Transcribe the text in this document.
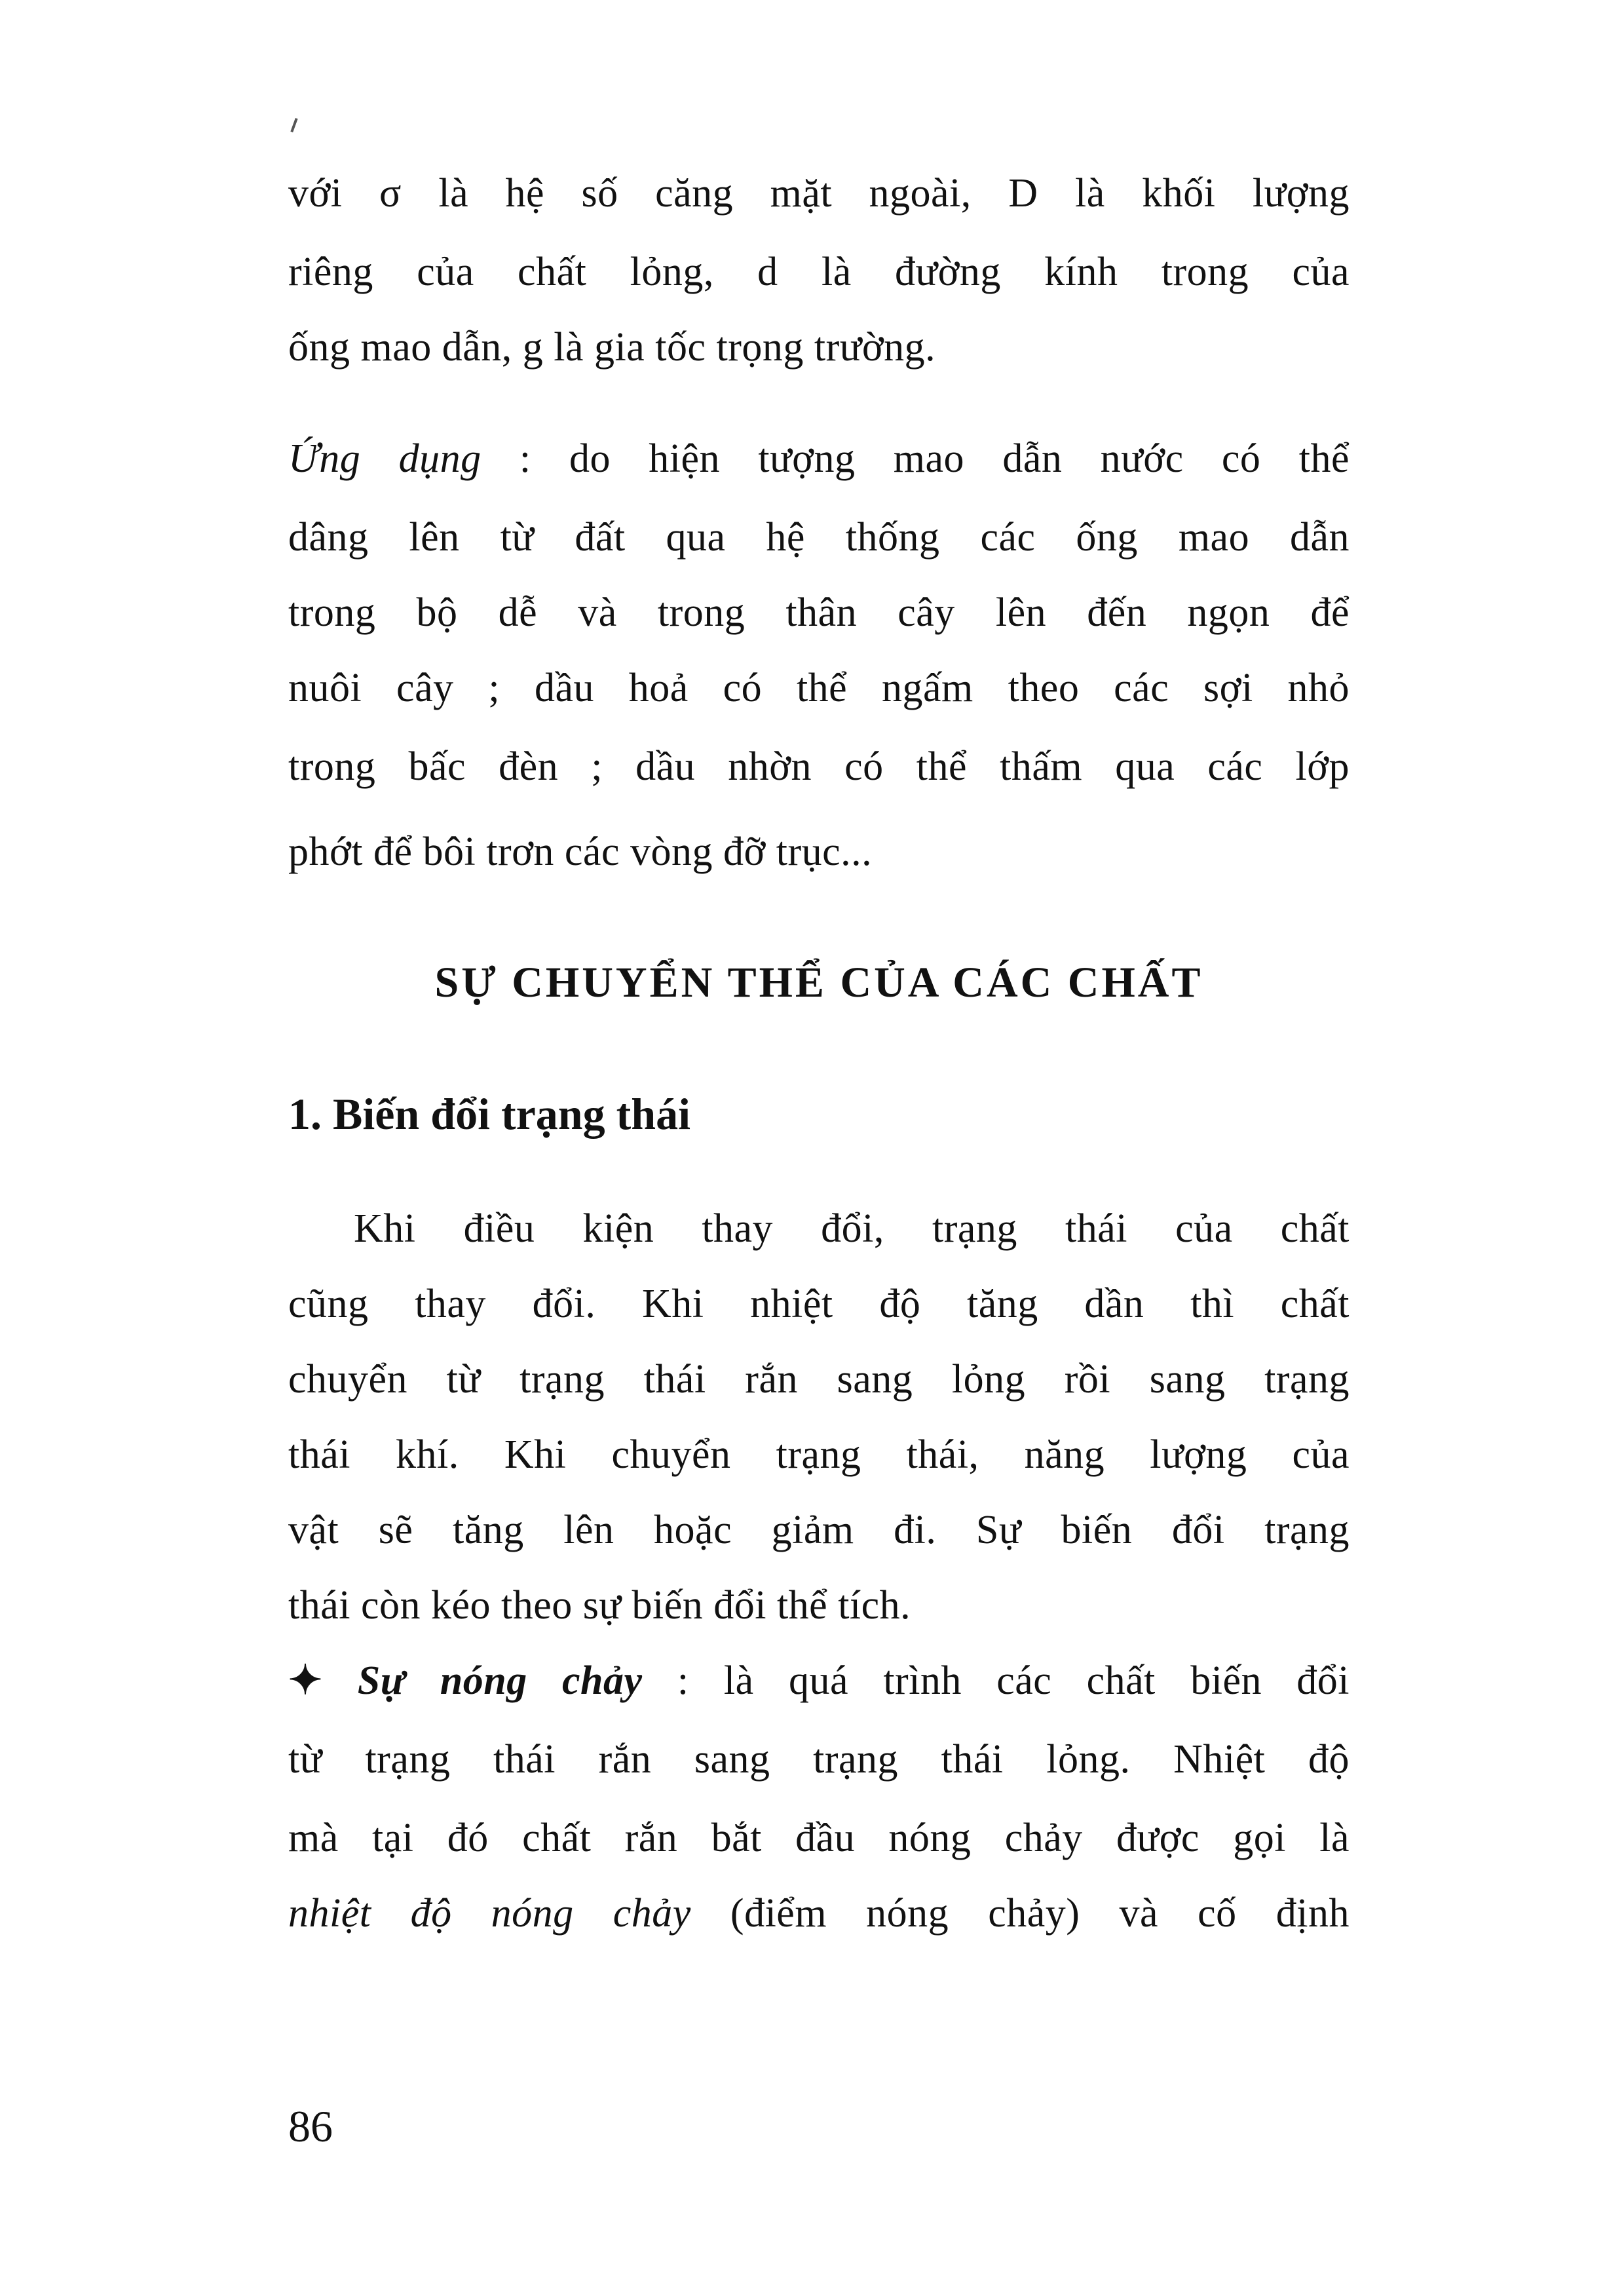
với σ là hệ số căng mặt ngoài, D là khối lượng
riêng của chất lỏng, d là đường kính trong của
ống mao dẫn, g là gia tốc trọng trường.
Ứng dụng : do hiện tượng mao dẫn nước có thể
dâng lên từ đất qua hệ thống các ống mao dẫn
trong bộ dễ và trong thân cây lên đến ngọn để
nuôi cây ; dầu hoả có thể ngấm theo các sợi nhỏ
trong bấc đèn ; dầu nhờn có thể thấm qua các lớp
phớt để bôi trơn các vòng đỡ trục...
SỰ CHUYỂN THỂ CỦA CÁC CHẤT
1. Biến đổi trạng thái
Khi điều kiện thay đổi, trạng thái của chất
cũng thay đổi. Khi nhiệt độ tăng dần thì chất
chuyển từ trạng thái rắn sang lỏng rồi sang trạng
thái khí. Khi chuyển trạng thái, năng lượng của
vật sẽ tăng lên hoặc giảm đi. Sự biến đổi trạng
thái còn kéo theo sự biến đổi thể tích.
✦ Sự nóng chảy : là quá trình các chất biến đổi
từ trạng thái rắn sang trạng thái lỏng. Nhiệt độ
mà tại đó chất rắn bắt đầu nóng chảy được gọi là
nhiệt độ nóng chảy (điểm nóng chảy) và cố định
86
